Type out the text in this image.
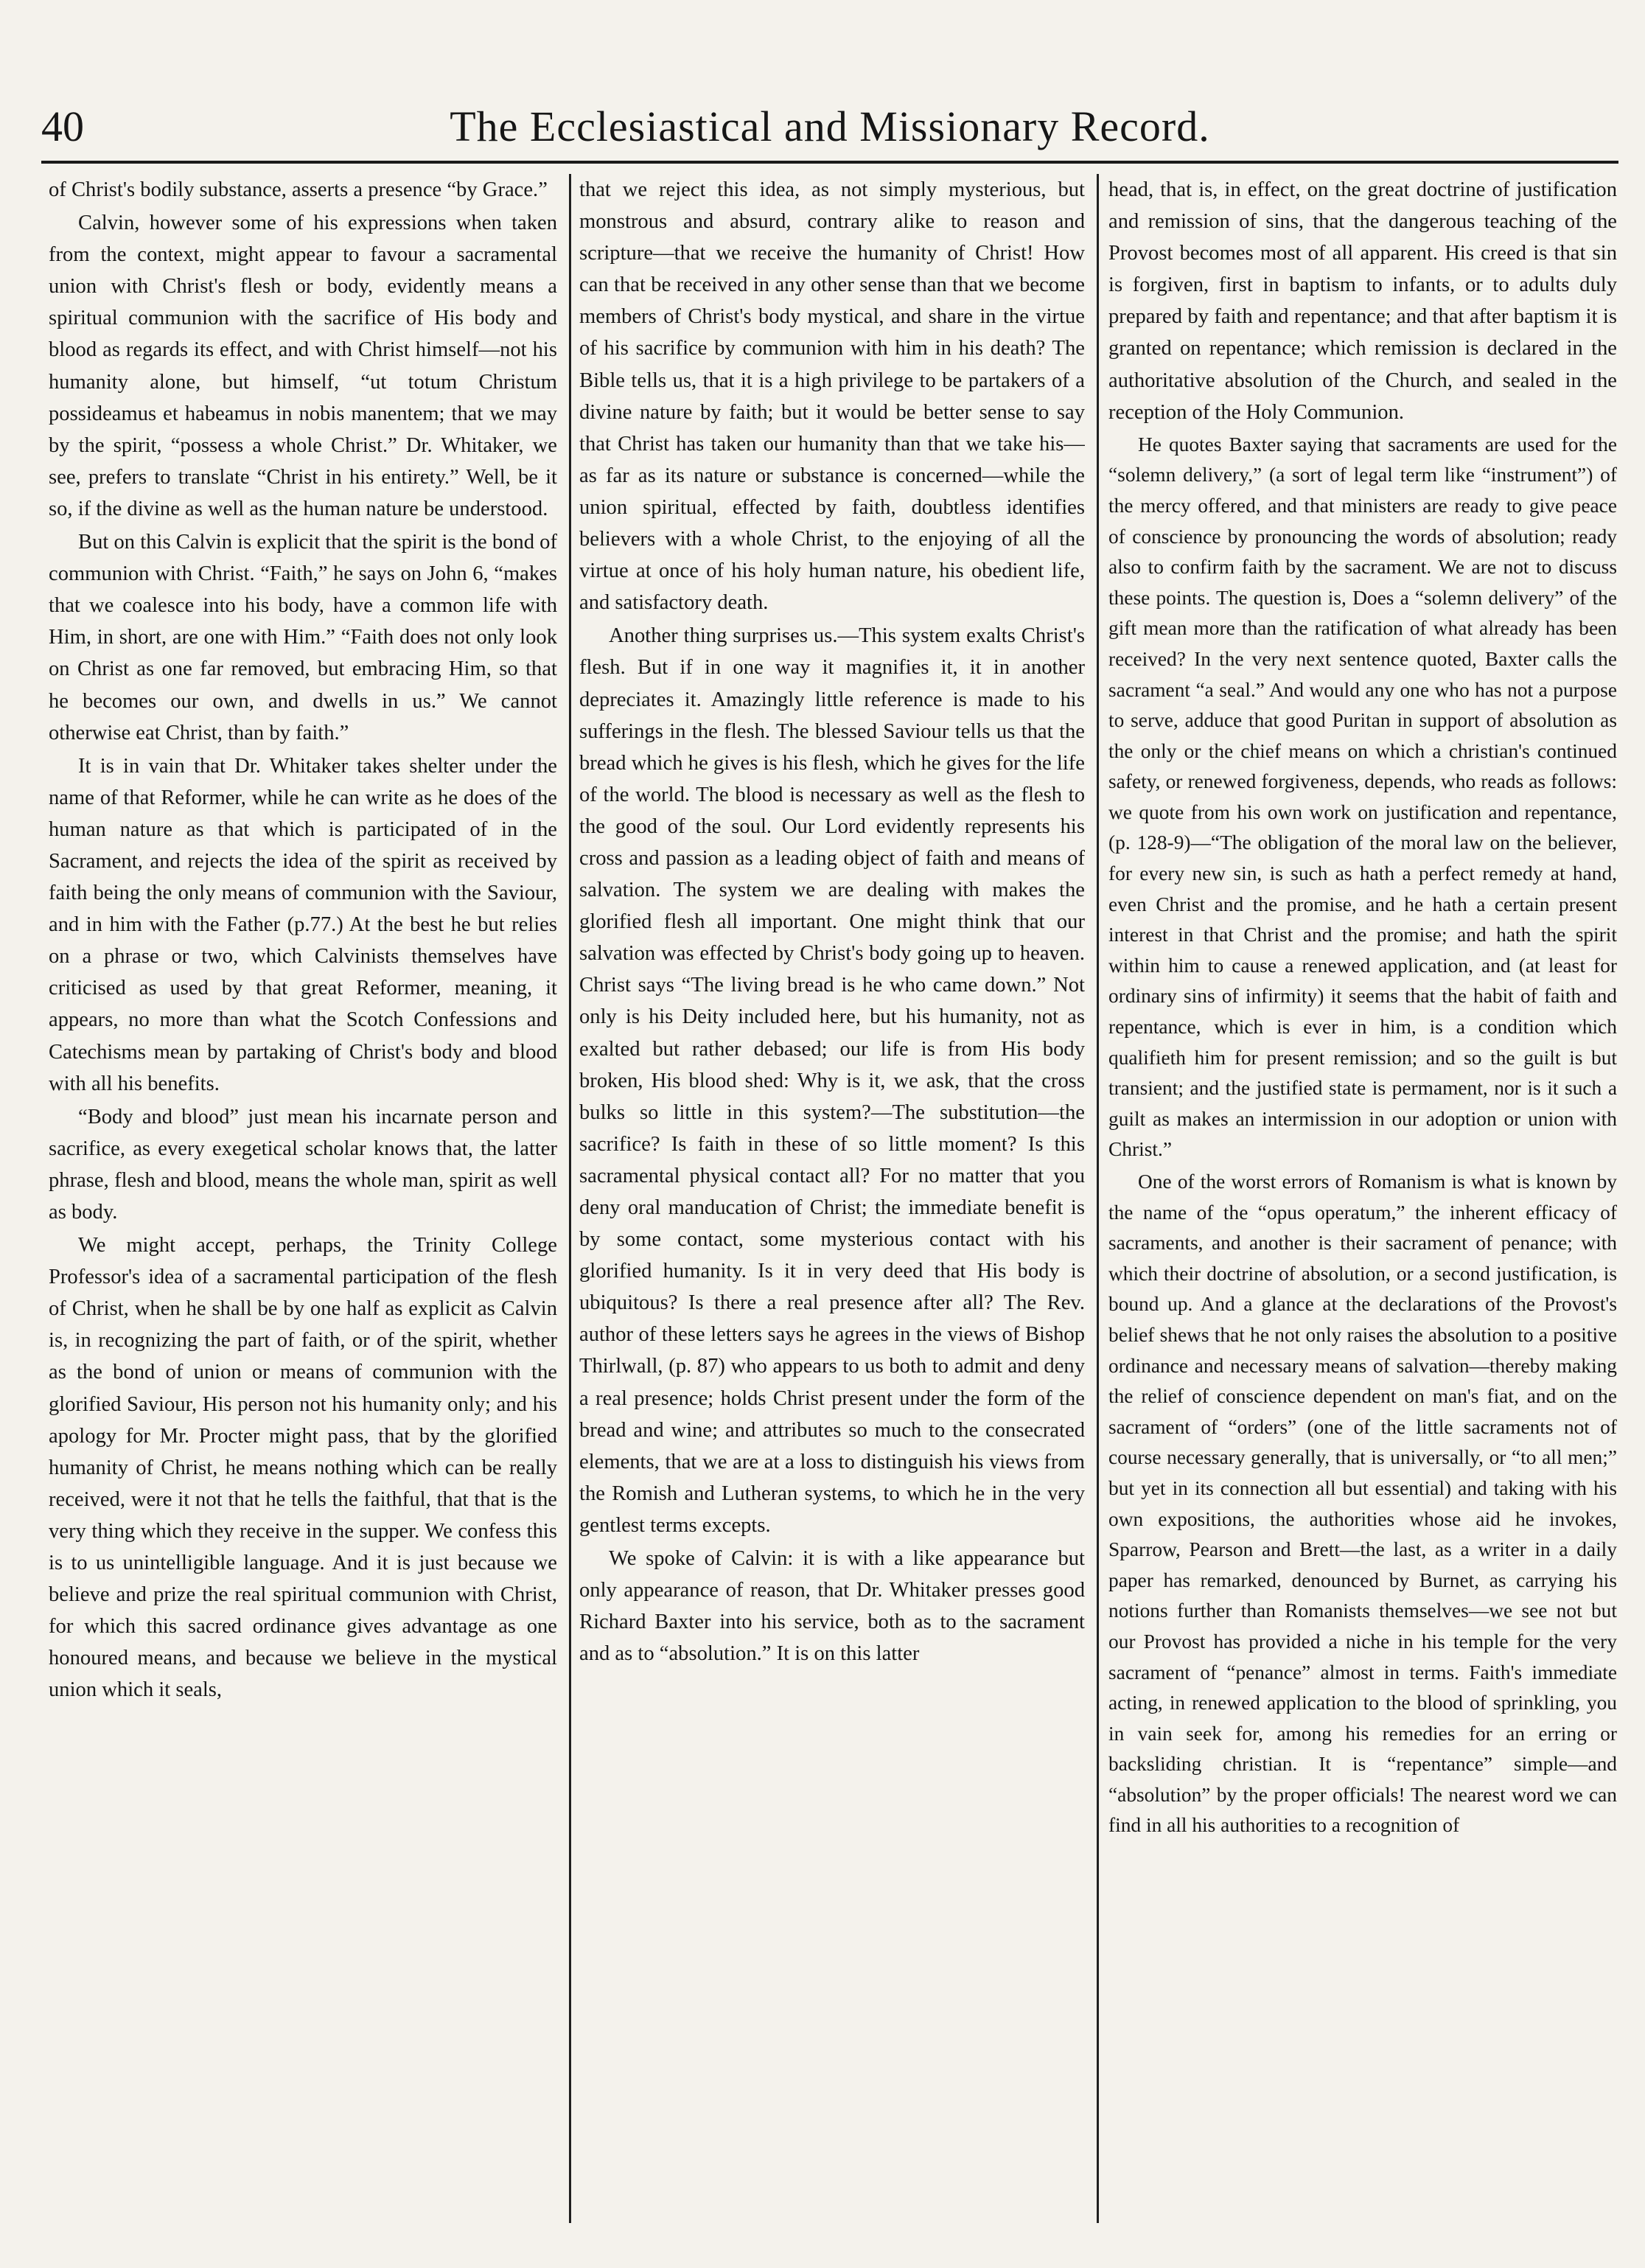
The Ecclesiastical and Missionary Record.
40

of Christ's bodily substance, asserts a presence “by Grace.”

Calvin, however some of his expressions when taken from the context, might appear to favour a sacramental union with Christ's flesh or body, evidently means a spiritual communion with the sacrifice of His body and blood as regards its effect, and with Christ himself—not his humanity alone, but himself, “ut totum Christum possideamus et habeamus in nobis manentem; that we may by the spirit, “possess a whole Christ.” Dr. Whitaker, we see, prefers to translate “Christ in his entirety.” Well, be it so, if the divine as well as the human nature be understood.

But on this Calvin is explicit that the spirit is the bond of communion with Christ. “Faith,” he says on John 6, “makes that we coalesce into his body, have a common life with Him, in short, are one with Him.” “Faith does not only look on Christ as one far removed, but embracing Him, so that he becomes our own, and dwells in us.” We cannot otherwise eat Christ, than by faith.”

It is in vain that Dr. Whitaker takes shelter under the name of that Reformer, while he can write as he does of the human nature as that which is participated of in the Sacrament, and rejects the idea of the spirit as received by faith being the only means of communion with the Saviour, and in him with the Father (p.77.) At the best he but relies on a phrase or two, which Calvinists themselves have criticised as used by that great Reformer, meaning, it appears, no more than what the Scotch Confessions and Catechisms mean by partaking of Christ's body and blood with all his benefits.

“Body and blood” just mean his incarnate person and sacrifice, as every exegetical scholar knows that, the latter phrase, flesh and blood, means the whole man, spirit as well as body.

We might accept, perhaps, the Trinity College Professor's idea of a sacramental participation of the flesh of Christ, when he shall be by one half as explicit as Calvin is, in recognizing the part of faith, or of the spirit, whether as the bond of union or means of communion with the glorified Saviour, His person not his humanity only; and his apology for Mr. Procter might pass, that by the glorified humanity of Christ, he means nothing which can be really received, were it not that he tells the faithful, that that is the very thing which they receive in the supper. We confess this is to us unintelligible language. And it is just because we believe and prize the real spiritual communion with Christ, for which this sacred ordinance gives advantage as one honoured means, and because we believe in the mystical union which it seals,

that we reject this idea, as not simply mysterious, but monstrous and absurd, contrary alike to reason and scripture—that we receive the humanity of Christ! How can that be received in any other sense than that we become members of Christ's body mystical, and share in the virtue of his sacrifice by communion with him in his death? The Bible tells us, that it is a high privilege to be partakers of a divine nature by faith; but it would be better sense to say that Christ has taken our humanity than that we take his—as far as its nature or substance is concerned—while the union spiritual, effected by faith, doubtless identifies believers with a whole Christ, to the enjoying of all the virtue at once of his holy human nature, his obedient life, and satisfactory death.

Another thing surprises us.—This system exalts Christ's flesh. But if in one way it magnifies it, it in another depreciates it. Amazingly little reference is made to his sufferings in the flesh. The blessed Saviour tells us that the bread which he gives is his flesh, which he gives for the life of the world. The blood is necessary as well as the flesh to the good of the soul. Our Lord evidently represents his cross and passion as a leading object of faith and means of salvation. The system we are dealing with makes the glorified flesh all important. One might think that our salvation was effected by Christ's body going up to heaven. Christ says “The living bread is he who came down.” Not only is his Deity included here, but his humanity, not as exalted but rather debased; our life is from His body broken, His blood shed: Why is it, we ask, that the cross bulks so little in this system?—The substitution—the sacrifice? Is faith in these of so little moment? Is this sacramental physical contact all? For no matter that you deny oral manducation of Christ; the immediate benefit is by some contact, some mysterious contact with his glorified humanity. Is it in very deed that His body is ubiquitous? Is there a real presence after all? The Rev. author of these letters says he agrees in the views of Bishop Thirlwall, (p. 87) who appears to us both to admit and deny a real presence; holds Christ present under the form of the bread and wine; and attributes so much to the consecrated elements, that we are at a loss to distinguish his views from the Romish and Lutheran systems, to which he in the very gentlest terms excepts.

We spoke of Calvin: it is with a like appearance but only appearance of reason, that Dr. Whitaker presses good Richard Baxter into his service, both as to the sacrament and as to “absolution.” It is on this latter

head, that is, in effect, on the great doctrine of justification and remission of sins, that the dangerous teaching of the Provost becomes most of all apparent. His creed is that sin is forgiven, first in baptism to infants, or to adults duly prepared by faith and repentance; and that after baptism it is granted on repentance; which remission is declared in the authoritative absolution of the Church, and sealed in the reception of the Holy Communion.

He quotes Baxter saying that sacraments are used for the “solemn delivery,” (a sort of legal term like “instrument”) of the mercy offered, and that ministers are ready to give peace of conscience by pronouncing the words of absolution; ready also to confirm faith by the sacrament. We are not to discuss these points. The question is, Does a “solemn delivery” of the gift mean more than the ratification of what already has been received? In the very next sentence quoted, Baxter calls the sacrament “a seal.” And would any one who has not a purpose to serve, adduce that good Puritan in support of absolution as the only or the chief means on which a christian's continued safety, or renewed forgiveness, depends, who reads as follows: we quote from his own work on justification and repentance, (p. 128-9)—“The obligation of the moral law on the believer, for every new sin, is such as hath a perfect remedy at hand, even Christ and the promise, and he hath a certain present interest in that Christ and the promise; and hath the spirit within him to cause a renewed application, and (at least for ordinary sins of infirmity) it seems that the habit of faith and repentance, which is ever in him, is a condition which qualifieth him for present remission; and so the guilt is but transient; and the justified state is permament, nor is it such a guilt as makes an intermission in our adoption or union with Christ.”

One of the worst errors of Romanism is what is known by the name of the “opus operatum,” the inherent efficacy of sacraments, and another is their sacrament of penance; with which their doctrine of absolution, or a second justification, is bound up. And a glance at the declarations of the Provost's belief shews that he not only raises the absolution to a positive ordinance and necessary means of salvation—thereby making the relief of conscience dependent on man's fiat, and on the sacrament of “orders” (one of the little sacraments not of course necessary generally, that is universally, or “to all men;” but yet in its connection all but essential) and taking with his own expositions, the authorities whose aid he invokes, Sparrow, Pearson and Brett—the last, as a writer in a daily paper has remarked, denounced by Burnet, as carrying his notions further than Romanists themselves—we see not but our Provost has provided a niche in his temple for the very sacrament of “penance” almost in terms. Faith's immediate acting, in renewed application to the blood of sprinkling, you in vain seek for, among his remedies for an erring or backsliding christian. It is “repentance” simple—and “absolution” by the proper officials! The nearest word we can find in all his authorities to a recognition of
